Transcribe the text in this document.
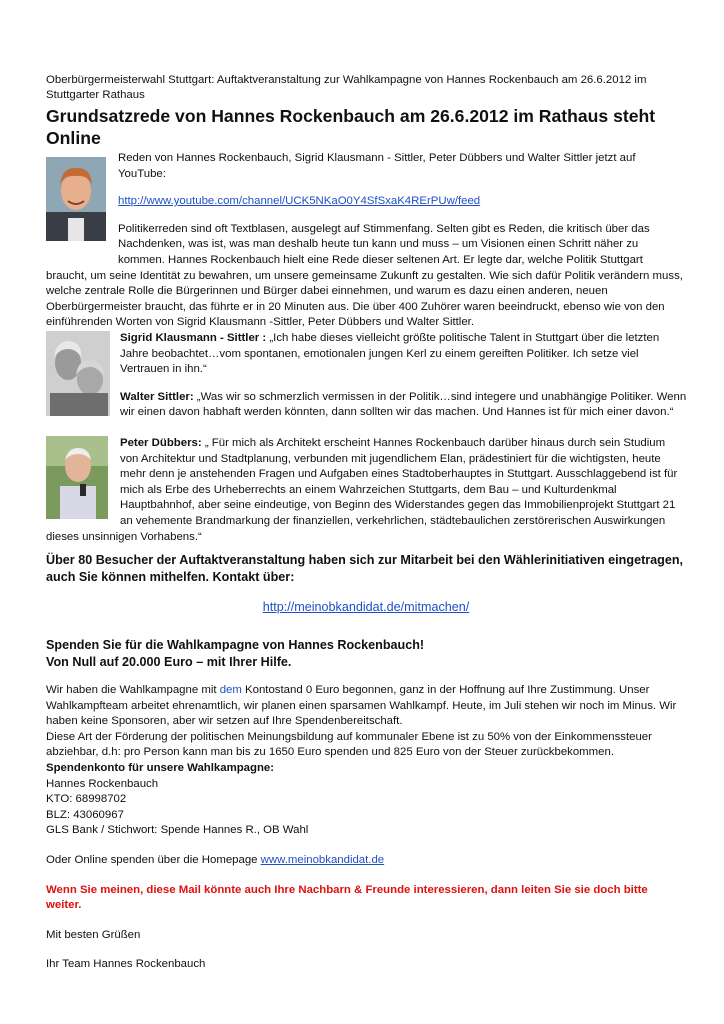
Oberbürgermeisterwahl Stuttgart: Auftaktveranstaltung zur Wahlkampagne von Hannes Rockenbauch am 26.6.2012 im Stuttgarter Rathaus
Grundsatzrede von Hannes Rockenbauch am 26.6.2012 im Rathaus steht Online

Reden von Hannes Rockenbauch, Sigrid Klausmann - Sittler, Peter Dübbers und Walter Sittler jetzt auf YouTube:

http://www.youtube.com/channel/UCK5NKaO0Y4SfSxaK4RErPUw/feed

Politikerreden sind oft Textblasen, ausgelegt auf Stimmenfang. Selten gibt es Reden, die kritisch über das Nachdenken, was ist, was man deshalb heute tun kann und muss – um Visionen einen Schritt näher zu kommen. Hannes Rockenbauch hielt eine Rede dieser seltenen Art. Er legte dar, welche Politik Stuttgart braucht, um seine Identität zu bewahren, um unsere gemeinsame Zukunft zu gestalten. Wie sich dafür Politik verändern muss, welche zentrale Rolle die Bürgerinnen und Bürger dabei einnehmen, und warum es dazu einen anderen, neuen Oberbürgermeister braucht, das führte er in 20 Minuten aus. Die über 400 Zuhörer waren beeindruckt, ebenso wie von den einführenden Worten von Sigrid Klausmann -Sittler, Peter Dübbers und Walter Sittler.

Sigrid Klausmann - Sittler : „Ich habe dieses vielleicht größte politische Talent in Stuttgart über die letzten Jahre beobachtet…vom spontanen, emotionalen jungen Kerl zu einem gereiften Politiker. Ich setze viel Vertrauen in ihn.“

Walter Sittler: „Was wir so schmerzlich vermissen in der Politik…sind integere und unabhängige Politiker. Wenn wir einen davon habhaft werden könnten, dann sollten wir das machen. Und Hannes ist für mich einer davon.“

Peter Dübbers: „ Für mich als Architekt erscheint Hannes Rockenbauch darüber hinaus durch sein Studium von Architektur und Stadtplanung, verbunden mit jugendlichem Elan, prädestiniert für die wichtigsten, heute mehr denn je anstehenden Fragen und Aufgaben eines Stadtoberhauptes in Stuttgart. Ausschlaggebend ist für mich als Erbe des Urheberrechts an einem Wahrzeichen Stuttgarts, dem Bau – und Kulturdenkmal Hauptbahnhof, aber seine eindeutige, von Beginn des Widerstandes gegen das Immobilienprojekt Stuttgart 21 an vehemente Brandmarkung der finanziellen, verkehrlichen, städtebaulichen zerstörerischen Auswirkungen dieses unsinnigen Vorhabens.“

Über 80 Besucher der Auftaktveranstaltung haben sich zur Mitarbeit bei den Wählerinitiativen eingetragen, auch Sie können mithelfen. Kontakt über:
http://meinobkandidat.de/mitmachen/
Spenden Sie für die Wahlkampagne von Hannes Rockenbauch!
Von Null auf 20.000 Euro – mit Ihrer Hilfe.

Wir haben die Wahlkampagne mit dem Kontostand 0 Euro begonnen, ganz in der Hoffnung auf Ihre Zustimmung. Unser Wahlkampfteam arbeitet ehrenamtlich, wir planen einen sparsamen Wahlkampf. Heute, im Juli stehen wir noch im Minus. Wir haben keine Sponsoren, aber wir setzen auf Ihre Spendenbereitschaft.

Diese Art der Förderung der politischen Meinungsbildung auf kommunaler Ebene ist zu 50% von der Einkommenssteuer abziehbar, d.h: pro Person kann man bis zu 1650 Euro spenden und 825 Euro von der Steuer zurückbekommen.

Spendenkonto für unsere Wahlkampagne:

Hannes Rockenbauch

KTO: 68998702

BLZ: 43060967

GLS Bank / Stichwort: Spende Hannes R., OB Wahl

Oder Online spenden über die Homepage www.meinobkandidat.de

Wenn Sie meinen, diese Mail könnte auch Ihre Nachbarn & Freunde interessieren, dann leiten Sie sie doch bitte weiter.

Mit besten Grüßen

Ihr Team Hannes Rockenbauch
